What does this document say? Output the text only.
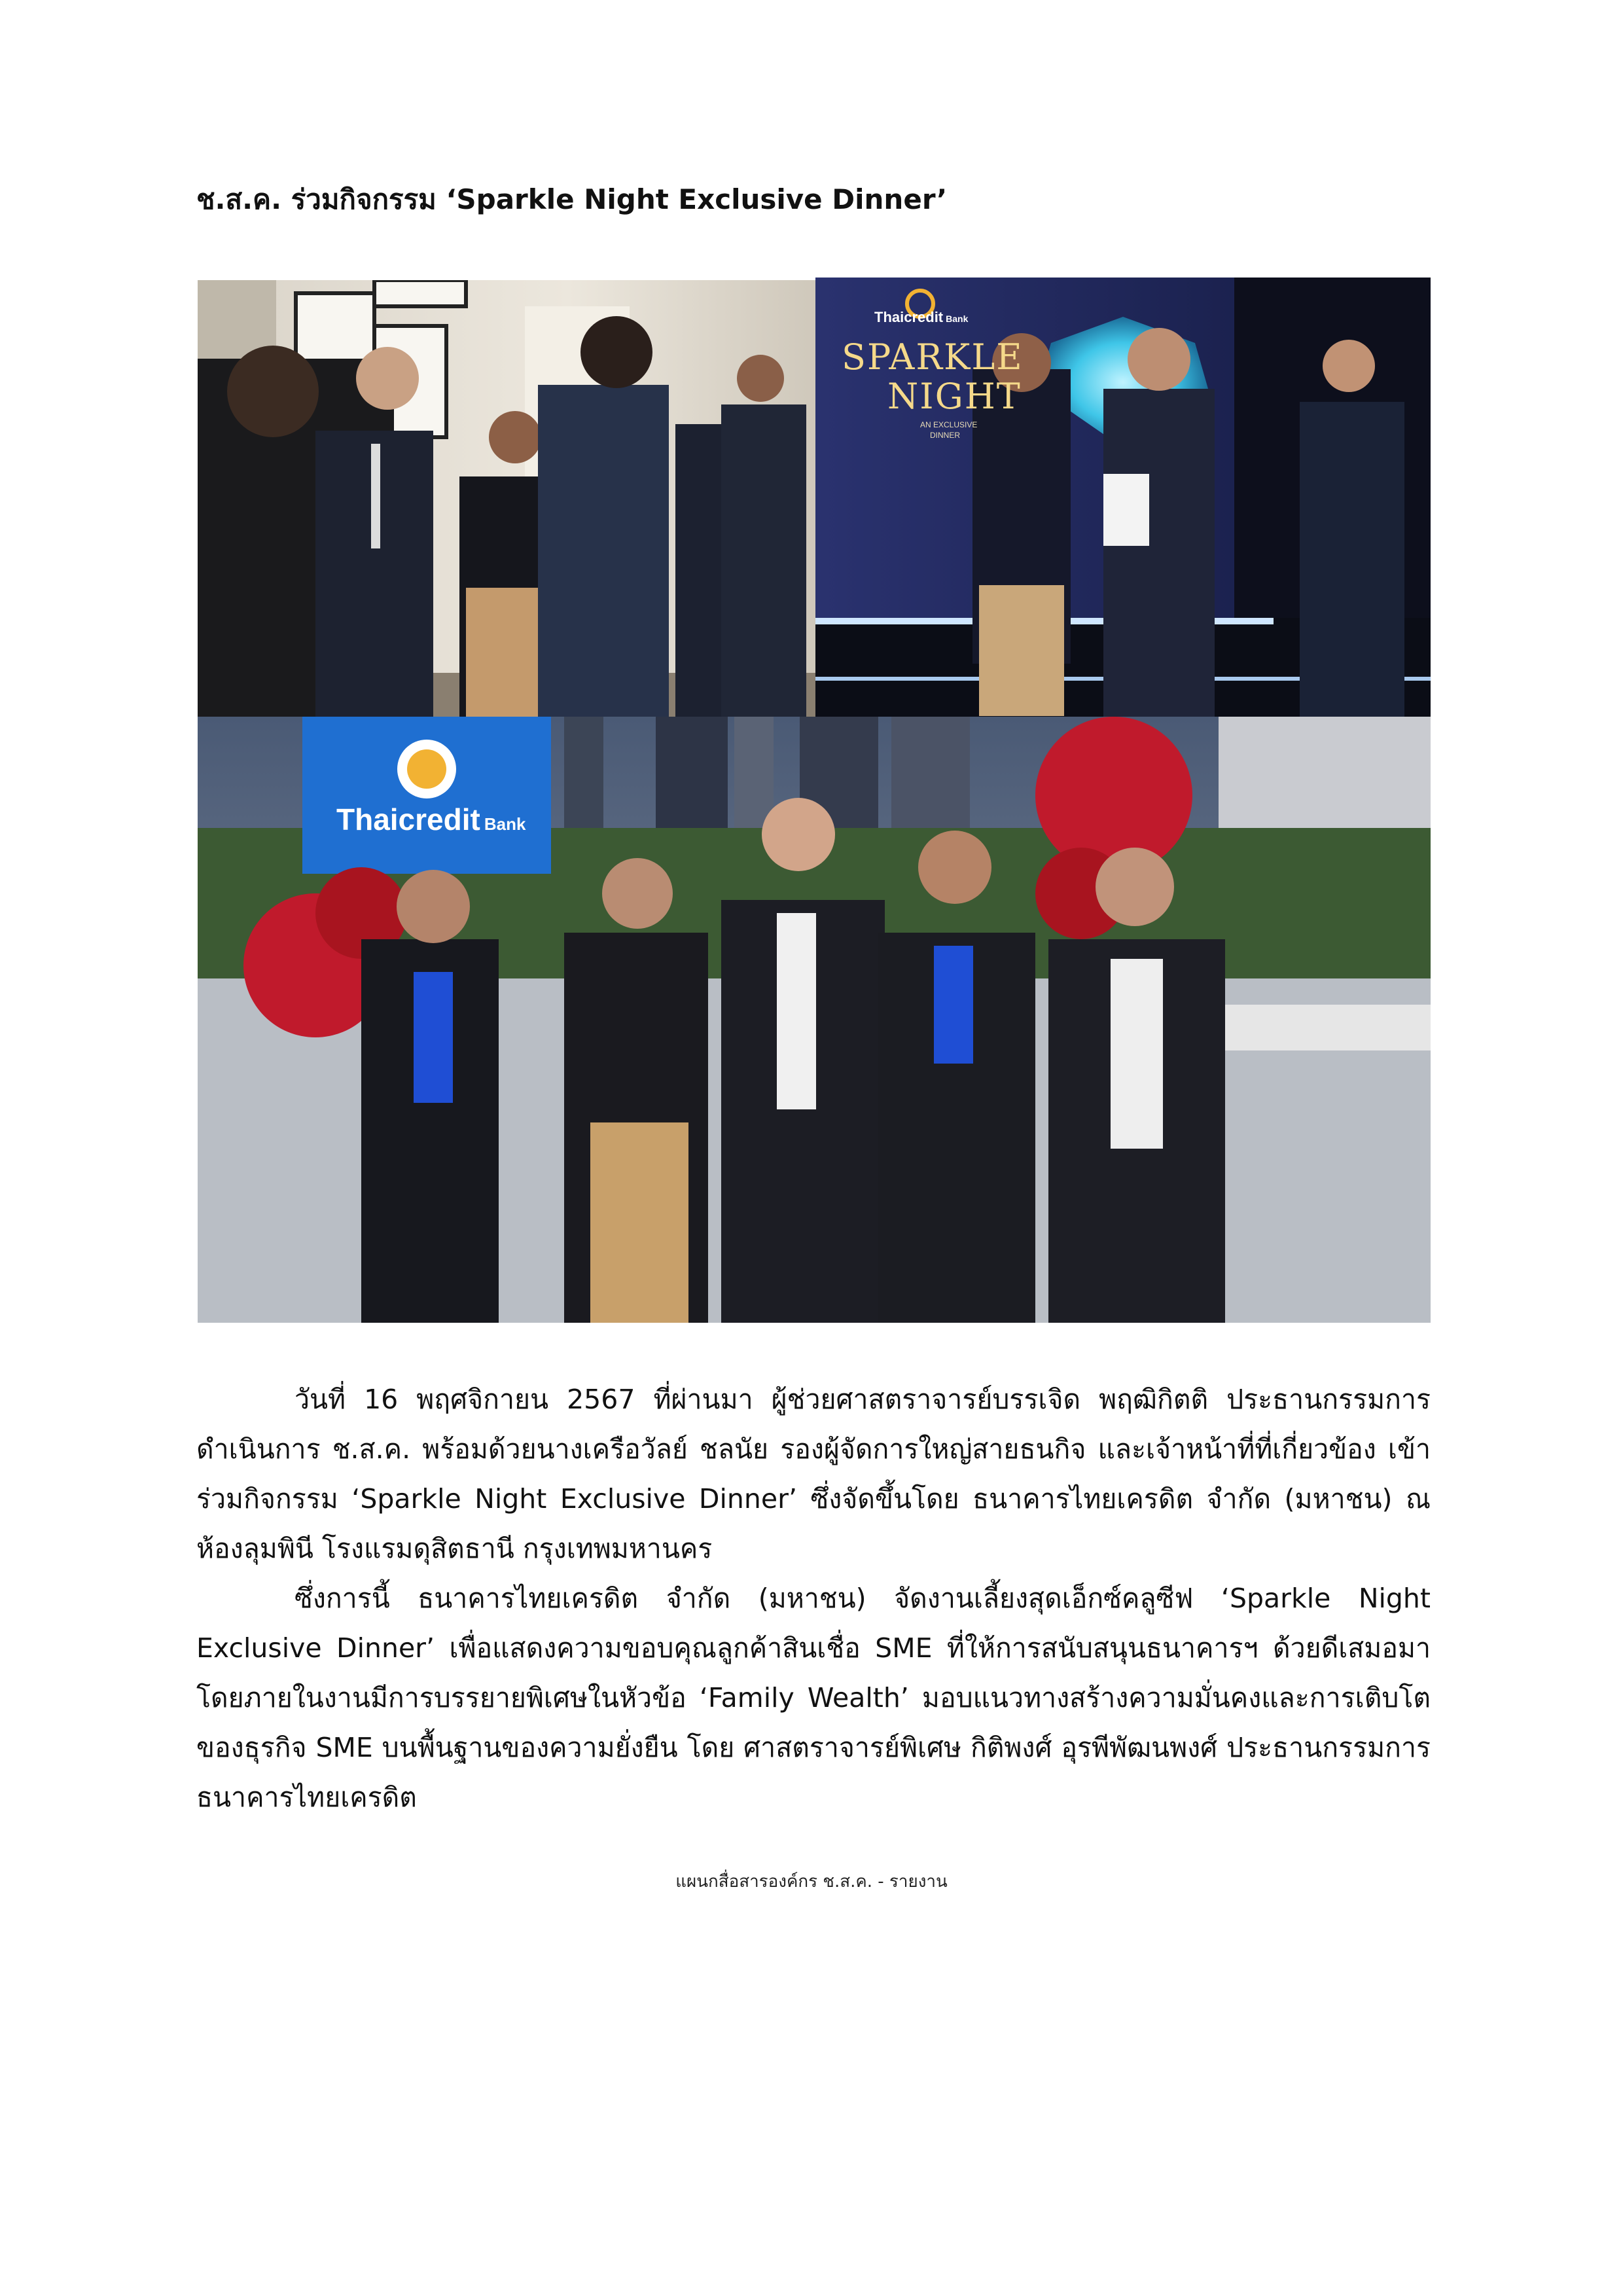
ช.ส.ค. ร่วมกิจกรรม ‘Sparkle Night Exclusive Dinner’
Thaicredit Bank
SPARKLE
NIGHT
AN EXCLUSIVE
DINNER
Thaicredit Bank

วันที่ 16 พฤศจิกายน 2567 ที่ผ่านมา ผู้ช่วยศาสตราจารย์บรรเจิด พฤฒิกิตติ ประธานกรรมการดำเนินการ ช.ส.ค. พร้อมด้วยนางเครือวัลย์ ชลนัย รองผู้จัดการใหญ่สายธนกิจ และเจ้าหน้าที่ที่เกี่ยวข้อง เข้าร่วมกิจกรรม ‘Sparkle Night Exclusive Dinner’ ซึ่งจัดขึ้นโดย ธนาคารไทยเครดิต จำกัด (มหาชน) ณ ห้องลุมพินี โรงแรมดุสิตธานี กรุงเทพมหานคร

ซึ่งการนี้ ธนาคารไทยเครดิต จำกัด (มหาชน) จัดงานเลี้ยงสุดเอ็กซ์คลูซีฟ ‘Sparkle Night Exclusive Dinner’ เพื่อแสดงความขอบคุณลูกค้าสินเชื่อ SME ที่ให้การสนับสนุนธนาคารฯ ด้วยดีเสมอมา โดยภายในงานมีการบรรยายพิเศษในหัวข้อ ‘Family Wealth’ มอบแนวทางสร้างความมั่นคงและการเติบโตของธุรกิจ SME บนพื้นฐานของความยั่งยืน โดย ศาสตราจารย์พิเศษ กิติพงศ์ อุรพีพัฒนพงศ์ ประธานกรรมการ ธนาคารไทยเครดิต

แผนกสื่อสารองค์กร ช.ส.ค. - รายงาน
